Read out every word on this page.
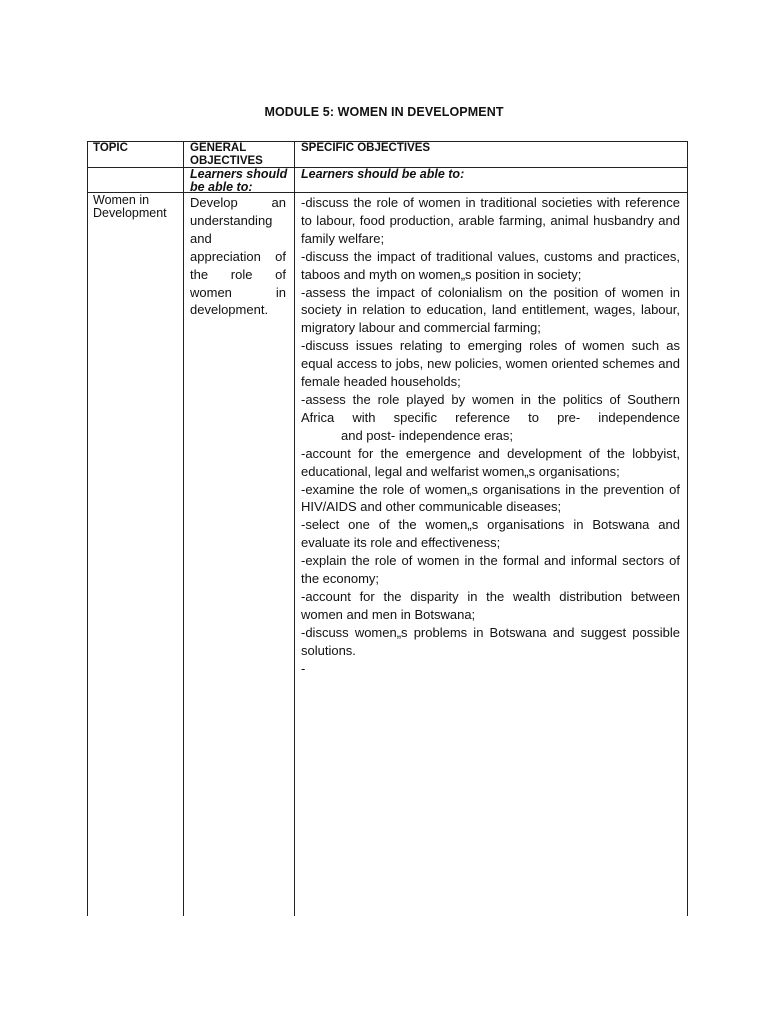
MODULE 5: WOMEN IN DEVELOPMENT
TOPIC	GENERAL OBJECTIVES
SPECIFIC OBJECTIVES
Learners should be able to:
Learners should be able to:
Women in Development
Develop an understanding and appreciation of the role of women in development.

-discuss the role of women in traditional societies with reference to labour, food production, arable farming, animal husbandry and family welfare;

-discuss the impact of traditional values, customs and practices, taboos and myth on women„s position in society;

-assess the impact of colonialism on the position of women in society in relation to education, land entitlement, wages, labour, migratory labour and commercial farming;

-discuss issues relating to emerging roles of women such as equal access to jobs, new policies, women oriented schemes and female headed households;

-assess the role played by women in the politics of Southern Africa with specific reference to pre- independence

and post- independence eras;

-account for the emergence and development of the lobbyist, educational, legal and welfarist women„s organisations;

-examine the role of women„s organisations in the prevention of HIV/AIDS and other communicable diseases;

-select one of the women„s organisations in Botswana and evaluate its role and effectiveness;

-explain the role of women in the formal and informal sectors of the economy;

-account for the disparity in the wealth distribution between women and men in Botswana;

-discuss women„s problems in Botswana and suggest possible

solutions.

-
